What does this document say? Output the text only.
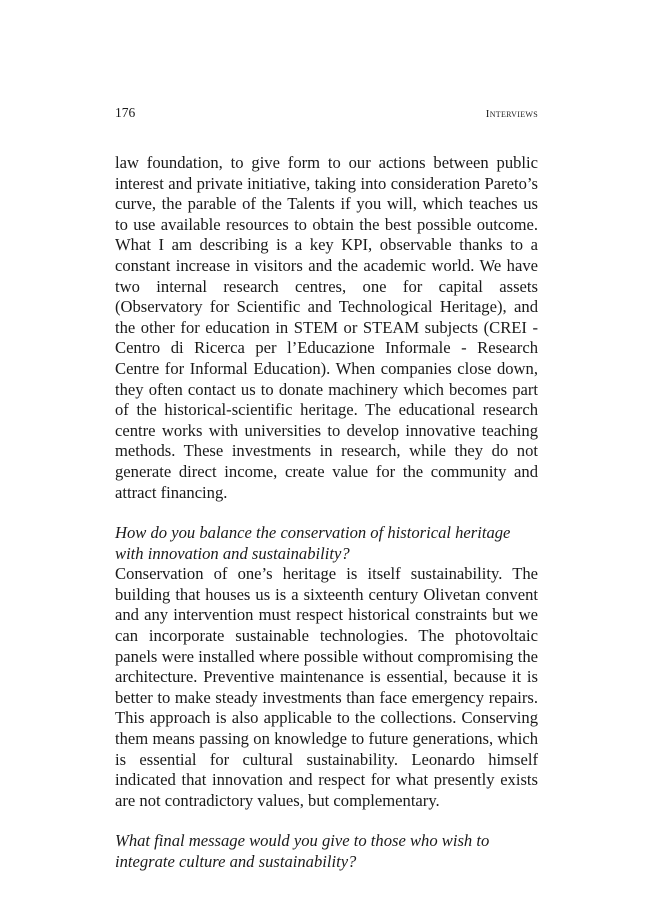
176	Interviews

law foundation, to give form to our actions between public interest and private initiative, taking into consideration Pareto’s curve, the parable of the Talents if you will, which teaches us to use available resources to obtain the best possible outcome. What I am describing is a key KPI, observable thanks to a constant increase in visitors and the academic world. We have two internal research centres, one for capital assets (Observatory for Scientific and Technological Heritage), and the other for education in STEM or STEAM subjects (CREI - Centro di Ricerca per l’Educazione Informale - Research Centre for Informal Education). When companies close down, they often contact us to donate machinery which becomes part of the historical-scientific heritage. The educational research centre works with universities to develop innovative teaching methods. These investments in research, while they do not generate direct income, create value for the community and attract financing.

How do you balance the conservation of historical heritage with innovation and sustainability?

Conservation of one’s heritage is itself sustainability. The building that houses us is a sixteenth century Olivetan convent and any intervention must respect historical constraints but we can incorporate sustainable technologies. The photovoltaic panels were installed where possible without compromising the architecture. Preventive maintenance is essential, because it is better to make steady investments than face emergency repairs. This approach is also applicable to the collections. Conserving them means passing on knowledge to future generations, which is essential for cultural sustainability. Leonardo himself indicated that innovation and respect for what presently exists are not contradictory values, but complementary.

What final message would you give to those who wish to integrate culture and sustainability?
